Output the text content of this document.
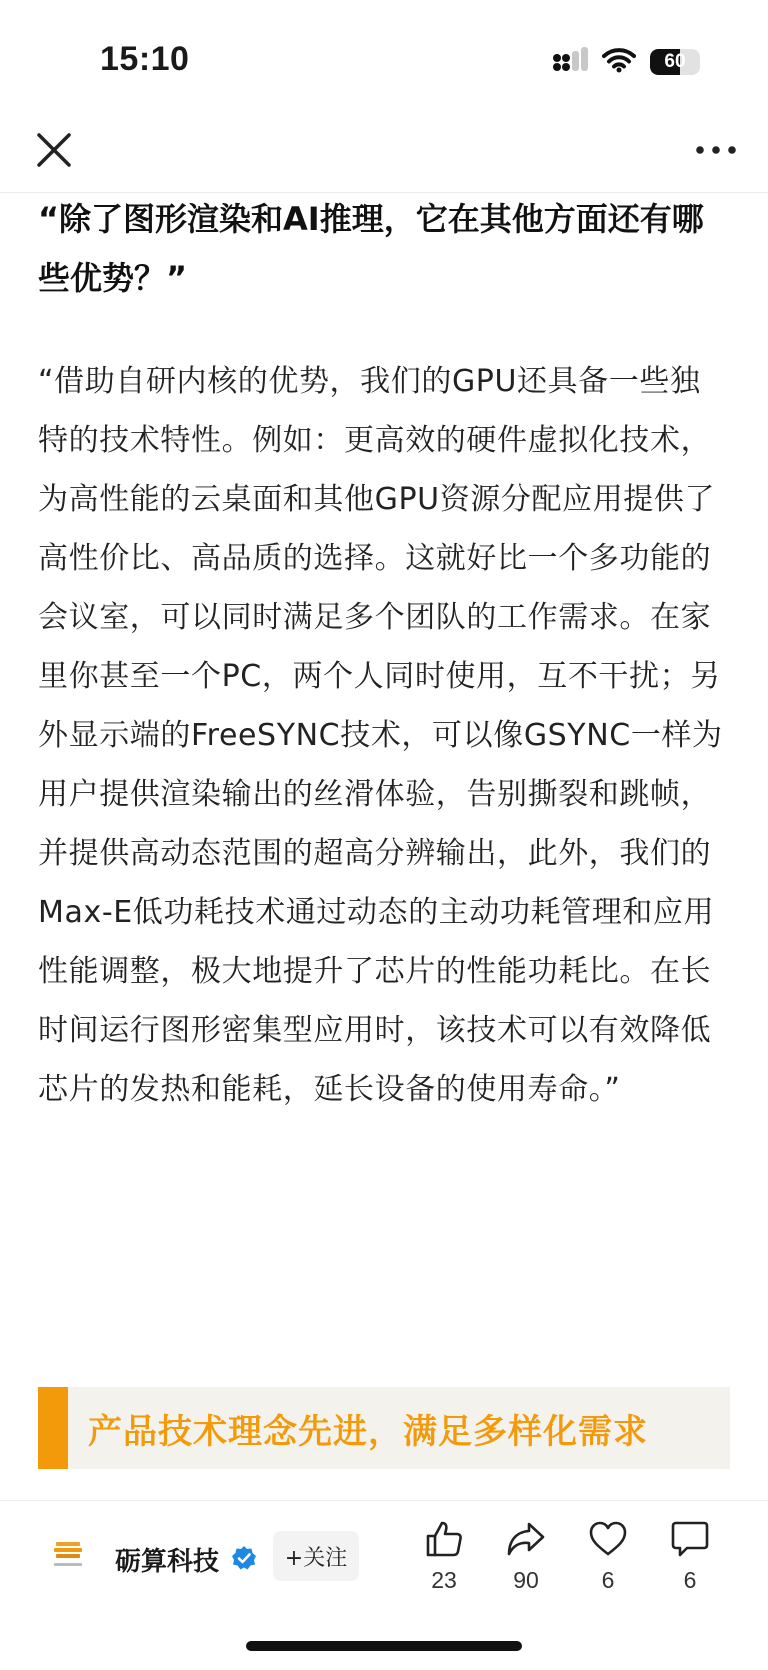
15:10	60

“除了图形渲染和AI推理，它在其他方面还有哪些优势？”

“借助自研内核的优势，我们的GPU还具备一些独特的技术特性。例如：更高效的硬件虚拟化技术，为高性能的云桌面和其他GPU资源分配应用提供了高性价比、高品质的选择。这就好比一个多功能的会议室，可以同时满足多个团队的工作需求。在家里你甚至一个PC，两个人同时使用，互不干扰；另外显示端的FreeSYNC技术，可以像GSYNC一样为用户提供渲染输出的丝滑体验，告别撕裂和跳帧，并提供高动态范围的超高分辨输出，此外，我们的Max-E低功耗技术通过动态的主动功耗管理和应用性能调整，极大地提升了芯片的性能功耗比。在长时间运行图形密集型应用时，该技术可以有效降低芯片的发热和能耗，延长设备的使用寿命。”

产品技术理念先进，满足多样化需求
砺算科技	+关注
23	90	6	6
